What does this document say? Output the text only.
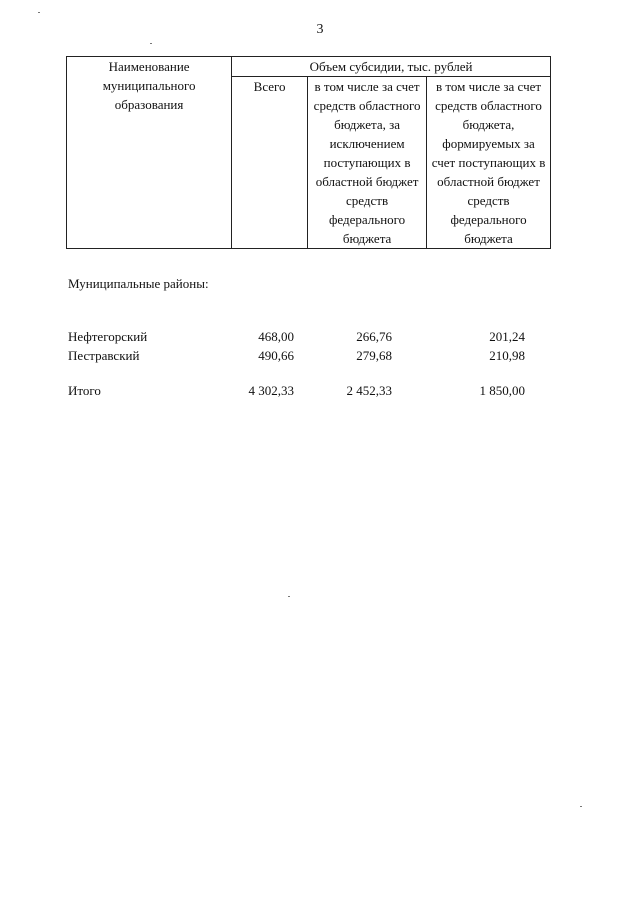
3
Наименование муниципального образования	Объем субсидии, тыс. рублей		
	Всего	в том числе за счет средств областного бюджета, за исключением поступающих в областной бюджет средств федерального бюджета	в том числе за счет средств областного бюджета, формируемых за счет поступающих в областной бюджет средств федерального бюджета
Муниципальные районы:
Нефтегорский	468,00	266,76	201,24
Пестравский	490,66	279,68	210,98
Итого	4 302,33	2 452,33	1 850,00
